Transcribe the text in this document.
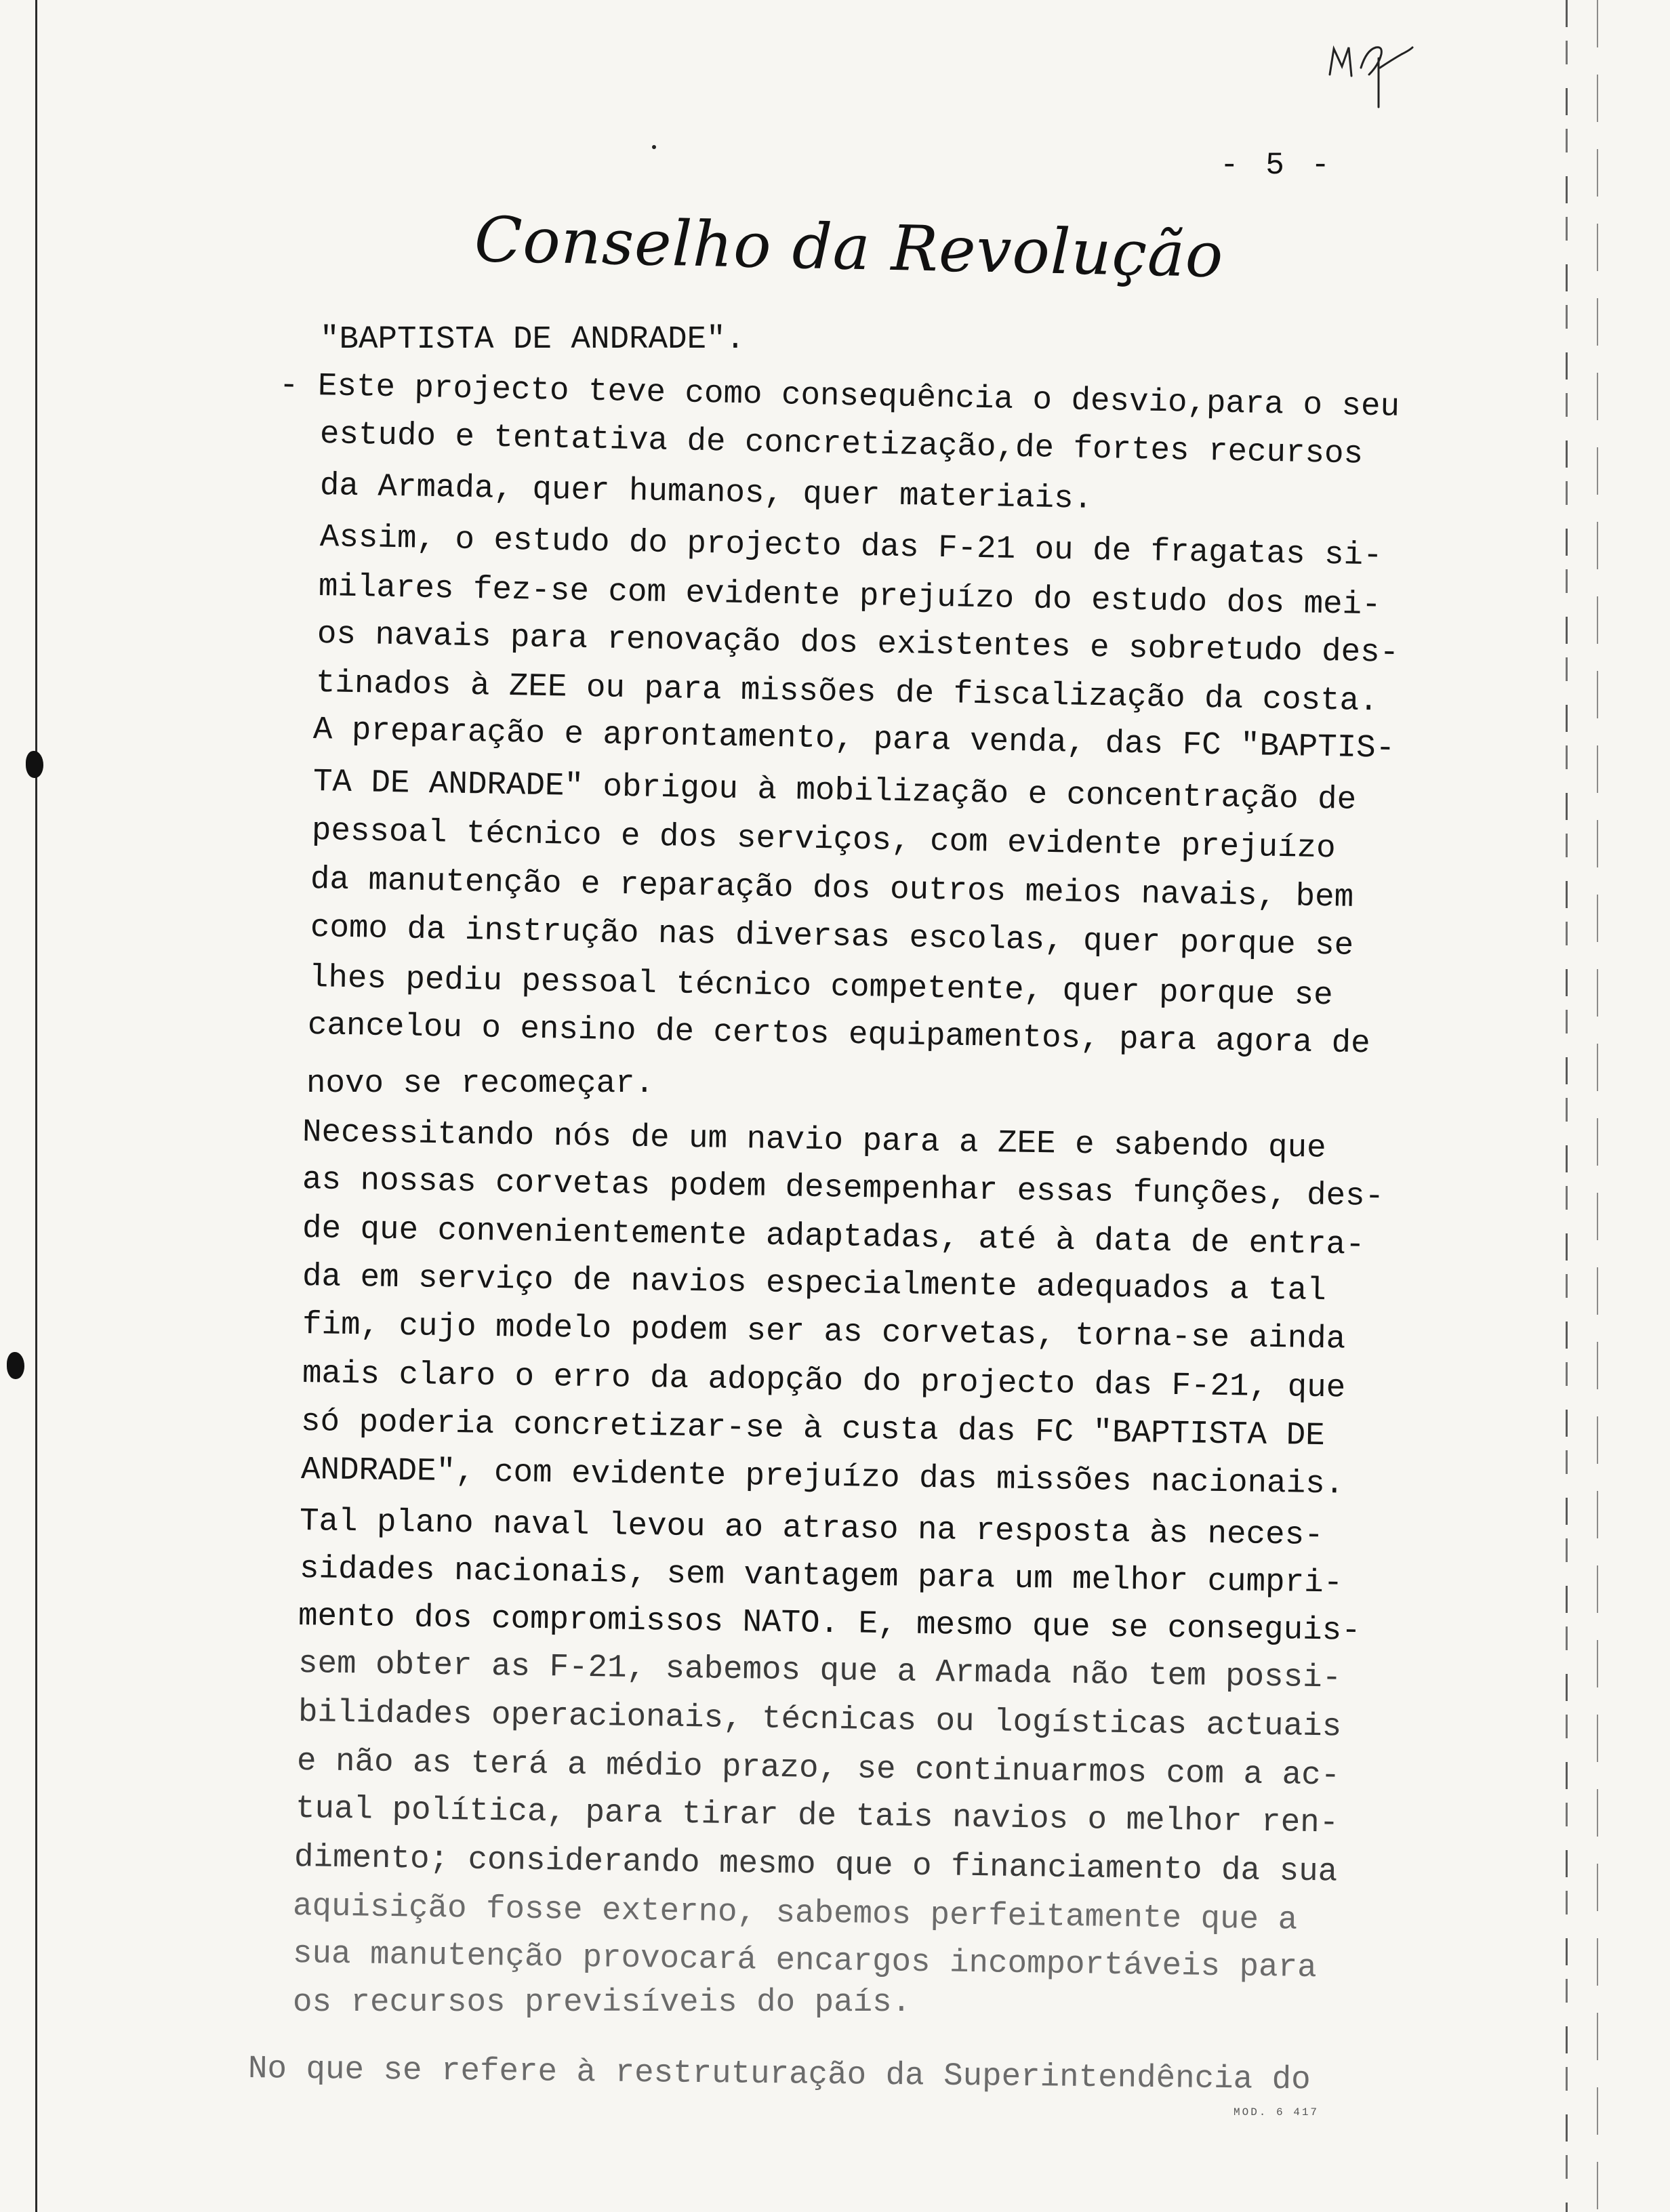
- 5 -
Conselho da Revolução
"BAPTISTA DE ANDRADE".
- Este projecto teve como consequência o desvio,para o seu
estudo e tentativa de concretização,de fortes recursos
da Armada, quer humanos, quer materiais.
Assim, o estudo do projecto das F-21 ou de fragatas si-
milares fez-se com evidente prejuízo do estudo dos mei-
os navais para renovação dos existentes e sobretudo des-
tinados à ZEE ou para missões de fiscalização da costa.
A preparação e aprontamento, para venda, das FC "BAPTIS-
TA DE ANDRADE" obrigou à mobilização e concentração de
pessoal técnico e dos serviços, com evidente prejuízo
da manutenção e reparação dos outros meios navais, bem
como da instrução nas diversas escolas, quer porque se
lhes pediu pessoal técnico competente, quer porque se
cancelou o ensino de certos equipamentos, para agora de
novo se recomeçar.
Necessitando nós de um navio para a ZEE e sabendo que
as nossas corvetas podem desempenhar essas funções, des-
de que convenientemente adaptadas, até à data de entra-
da em serviço de navios especialmente adequados a tal
fim, cujo modelo podem ser as corvetas, torna-se ainda
mais claro o erro da adopção do projecto das F-21, que
só poderia concretizar-se à custa das FC "BAPTISTA DE
ANDRADE", com evidente prejuízo das missões nacionais.
Tal plano naval levou ao atraso na resposta às neces-
sidades nacionais, sem vantagem para um melhor cumpri-
mento dos compromissos NATO. E, mesmo que se conseguis-
sem obter as F-21, sabemos que a Armada não tem possi-
bilidades operacionais, técnicas ou logísticas actuais
e não as terá a médio prazo, se continuarmos com a ac-
tual política, para tirar de tais navios o melhor ren-
dimento; considerando mesmo que o financiamento da sua
aquisição fosse externo, sabemos perfeitamente que a
sua manutenção provocará encargos incomportáveis para
os recursos previsíveis do país.
No que se refere à restruturação da Superintendência do
MOD. 6 417
